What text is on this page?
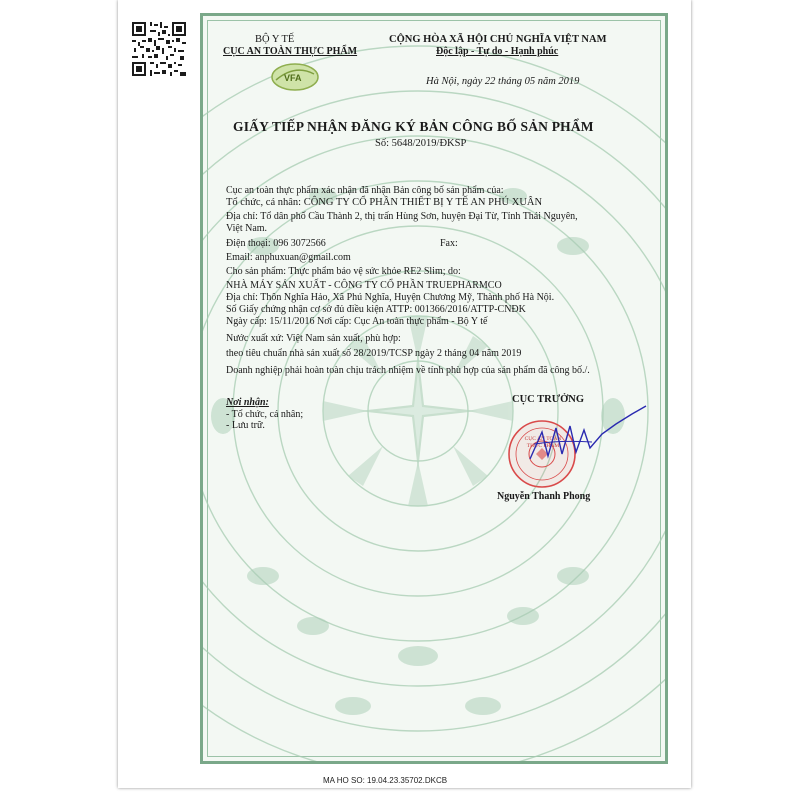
BỘ Y TẾ
CỤC AN TOÀN THỰC PHẨM
VFA
CỘNG HÒA XÃ HỘI CHỦ NGHĨA VIỆT NAM
Độc lập - Tự do - Hạnh phúc
Hà Nội, ngày 22 tháng 05 năm 2019
GIẤY TIẾP NHẬN ĐĂNG KÝ BẢN CÔNG BỐ SẢN PHẨM
Số: 5648/2019/ĐKSP
Cục an toàn thực phẩm xác nhận đã nhận Bản công bố sản phẩm của:
Tổ chức, cá nhân: CÔNG TY CỔ PHẦN THIẾT BỊ Y TẾ AN PHÚ XUÂN
Địa chỉ: Tổ dân phố Cầu Thành 2, thị trấn Hùng Sơn, huyện Đại Từ, Tỉnh Thái Nguyên,
Việt Nam.
Điện thoại: 096 3072566	Fax:
Email: anphuxuan@gmail.com
Cho sản phẩm: Thực phẩm bảo vệ sức khỏe RE2 Slim; do:
NHÀ MÁY SẢN XUẤT - CÔNG TY CỔ PHẦN TRUEPHARMCO
Địa chỉ: Thôn Nghĩa Hảo, Xã Phú Nghĩa, Huyện Chương Mỹ, Thành phố Hà Nội.
Số Giấy chứng nhận cơ sở đủ điều kiện ATTP: 001366/2016/ATTP-CNĐK
Ngày cấp: 15/11/2016 Nơi cấp: Cục An toàn thực phẩm - Bộ Y tế
Nước xuất xứ: Việt Nam sản xuất, phù hợp:
theo tiêu chuẩn nhà sản xuất số 28/2019/TCSP ngày 2 tháng 04 năm 2019
Doanh nghiệp phải hoàn toàn chịu trách nhiệm về tính phù hợp của sản phẩm đã công bố./.
Nơi nhận:
- Tổ chức, cá nhân;
- Lưu trữ.
CỤC TRƯỞNG
CỤC AN TOÀN THỰC PHẨM
Nguyễn Thanh Phong
MA HO SO: 19.04.23.35702.DKCB
